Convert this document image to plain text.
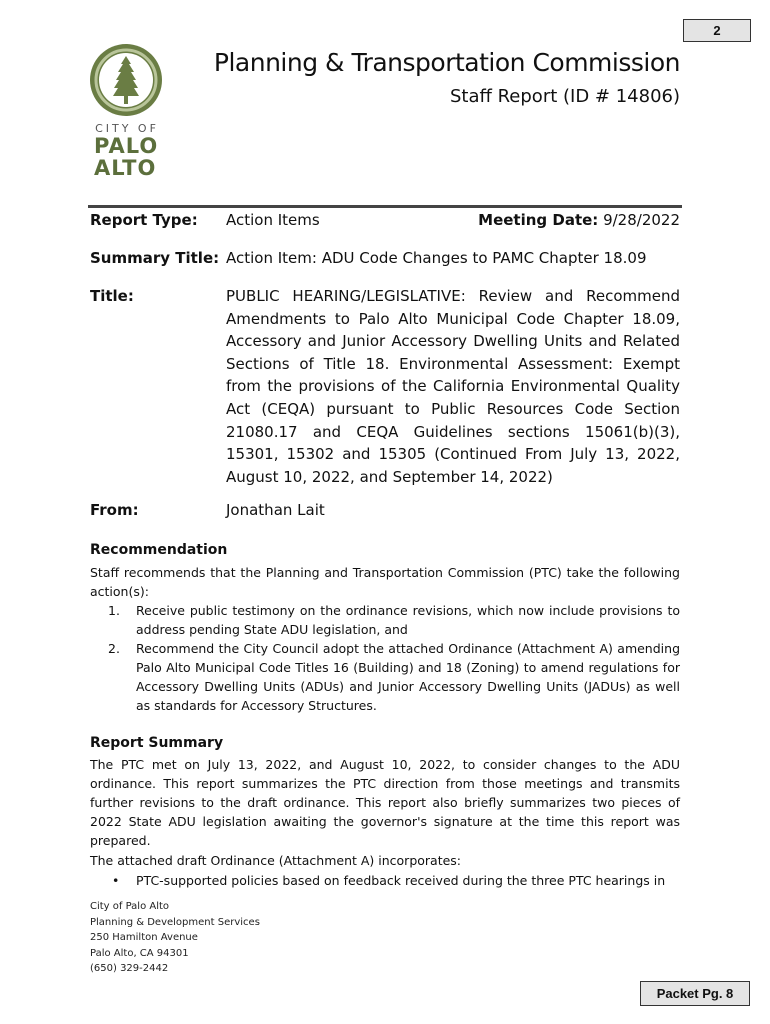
2
CITY OF
PALO
ALTO
Planning & Transportation Commission
Staff Report (ID # 14806)
Report Type: Action Items	Meeting Date: 9/28/2022
Summary Title: Action Item: ADU Code Changes to PAMC Chapter 18.09
Title:	PUBLIC HEARING/LEGISLATIVE: Review and Recommend Amendments to Palo Alto Municipal Code Chapter 18.09, Accessory and Junior Accessory Dwelling Units and Related Sections of Title 18. Environmental Assessment: Exempt from the provisions of the California Environmental Quality Act (CEQA) pursuant to Public Resources Code Section 21080.17 and CEQA Guidelines sections 15061(b)(3), 15301, 15302 and 15305 (Continued From July 13, 2022, August 10, 2022, and September 14, 2022)
From:	Jonathan Lait
Recommendation
Staff recommends that the Planning and Transportation Commission (PTC) take the following action(s):
1.	Receive public testimony on the ordinance revisions, which now include provisions to address pending State ADU legislation, and
2.	Recommend the City Council adopt the attached Ordinance (Attachment A) amending Palo Alto Municipal Code Titles 16 (Building) and 18 (Zoning) to amend regulations for Accessory Dwelling Units (ADUs) and Junior Accessory Dwelling Units (JADUs) as well as standards for Accessory Structures.
Report Summary
The PTC met on July 13, 2022, and August 10, 2022, to consider changes to the ADU ordinance. This report summarizes the PTC direction from those meetings and transmits further revisions to the draft ordinance. This report also briefly summarizes two pieces of 2022 State ADU legislation awaiting the governor's signature at the time this report was prepared.
The attached draft Ordinance (Attachment A) incorporates:
•	PTC-supported policies based on feedback received during the three PTC hearings in
City of Palo Alto
Planning & Development Services
250 Hamilton Avenue
Palo Alto, CA 94301
(650) 329-2442
Packet Pg. 8
